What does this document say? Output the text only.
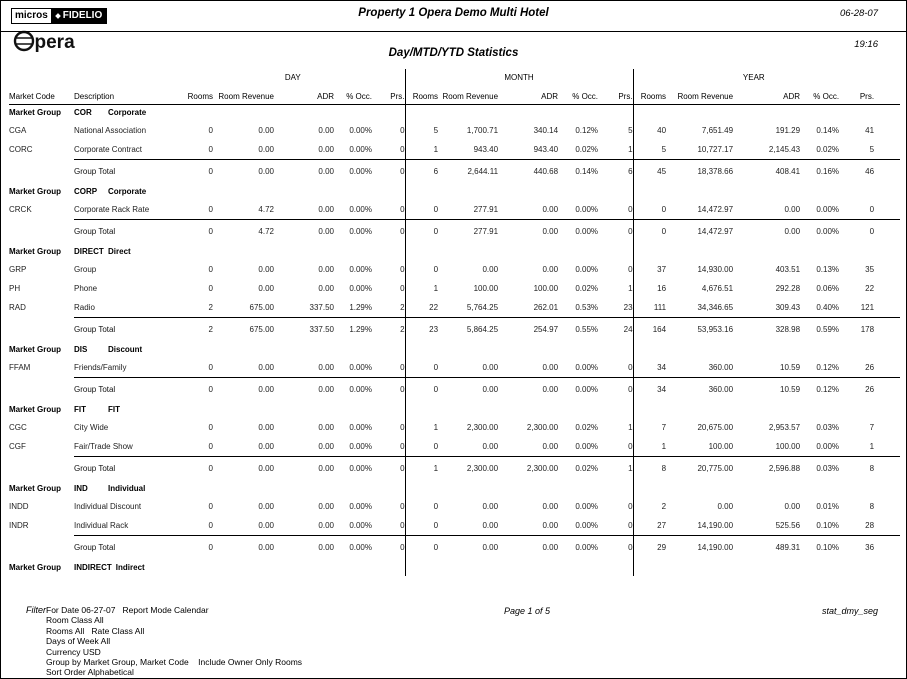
micros FIDELIO
pera
Property 1 Opera Demo Multi Hotel	06-28-07
19:16
Day/MTD/YTD Statistics
		DAY					MONTH					YEAR				
Market Code	Description	Rooms	Room Revenue	ADR	% Occ.	Prs.	Rooms	Room Revenue	ADR	% Occ.	Prs.	Rooms	Room Revenue	ADR	% Occ.	Prs.
Market Group	COR Corporate															
CGA	National Association	0	0.00	0.00	0.00%	0	5	1,700.71	340.14	0.12%	5	40	7,651.49	191.29	0.14%	41
CORC	Corporate Contract	0	0.00	0.00	0.00%	0	1	943.40	943.40	0.02%	1	5	10,727.17	2,145.43	0.02%	5
	Group Total	0	0.00	0.00	0.00%	0	6	2,644.11	440.68	0.14%	6	45	18,378.66	408.41	0.16%	46
Market Group	CORP Corporate															
CRCK	Corporate Rack Rate	0	4.72	0.00	0.00%	0	0	277.91	0.00	0.00%	0	0	14,472.97	0.00	0.00%	0
	Group Total	0	4.72	0.00	0.00%	0	0	277.91	0.00	0.00%	0	0	14,472.97	0.00	0.00%	0
Market Group	DIRECT Direct															
GRP	Group	0	0.00	0.00	0.00%	0	0	0.00	0.00	0.00%	0	37	14,930.00	403.51	0.13%	35
PH	Phone	0	0.00	0.00	0.00%	0	1	100.00	100.00	0.02%	1	16	4,676.51	292.28	0.06%	22
RAD	Radio	2	675.00	337.50	1.29%	2	22	5,764.25	262.01	0.53%	23	111	34,346.65	309.43	0.40%	121
	Group Total	2	675.00	337.50	1.29%	2	23	5,864.25	254.97	0.55%	24	164	53,953.16	328.98	0.59%	178
Market Group	DIS Discount															
FFAM	Friends/Family	0	0.00	0.00	0.00%	0	0	0.00	0.00	0.00%	0	34	360.00	10.59	0.12%	26
	Group Total	0	0.00	0.00	0.00%	0	0	0.00	0.00	0.00%	0	34	360.00	10.59	0.12%	26
Market Group	FIT FIT															
CGC	City Wide	0	0.00	0.00	0.00%	0	1	2,300.00	2,300.00	0.02%	1	7	20,675.00	2,953.57	0.03%	7
CGF	Fair/Trade Show	0	0.00	0.00	0.00%	0	0	0.00	0.00	0.00%	0	1	100.00	100.00	0.00%	1
	Group Total	0	0.00	0.00	0.00%	0	1	2,300.00	2,300.00	0.02%	1	8	20,775.00	2,596.88	0.03%	8
Market Group	IND Individual															
INDD	Individual Discount	0	0.00	0.00	0.00%	0	0	0.00	0.00	0.00%	0	2	0.00	0.00	0.01%	8
INDR	Individual Rack	0	0.00	0.00	0.00%	0	0	0.00	0.00	0.00%	0	27	14,190.00	525.56	0.10%	28
	Group Total	0	0.00	0.00	0.00%	0	0	0.00	0.00	0.00%	0	29	14,190.00	489.31	0.10%	36
Market Group	INDIRECT Indirect															
Filter For Date 06-27-07   Report Mode Calendar
Room Class All
Rooms All   Rate Class All
Days of Week All
Currency USD
Group by Market Group, Market Code    Include Owner Only Rooms
Sort Order Alphabetical
Page 1 of 5	stat_dmy_seg
